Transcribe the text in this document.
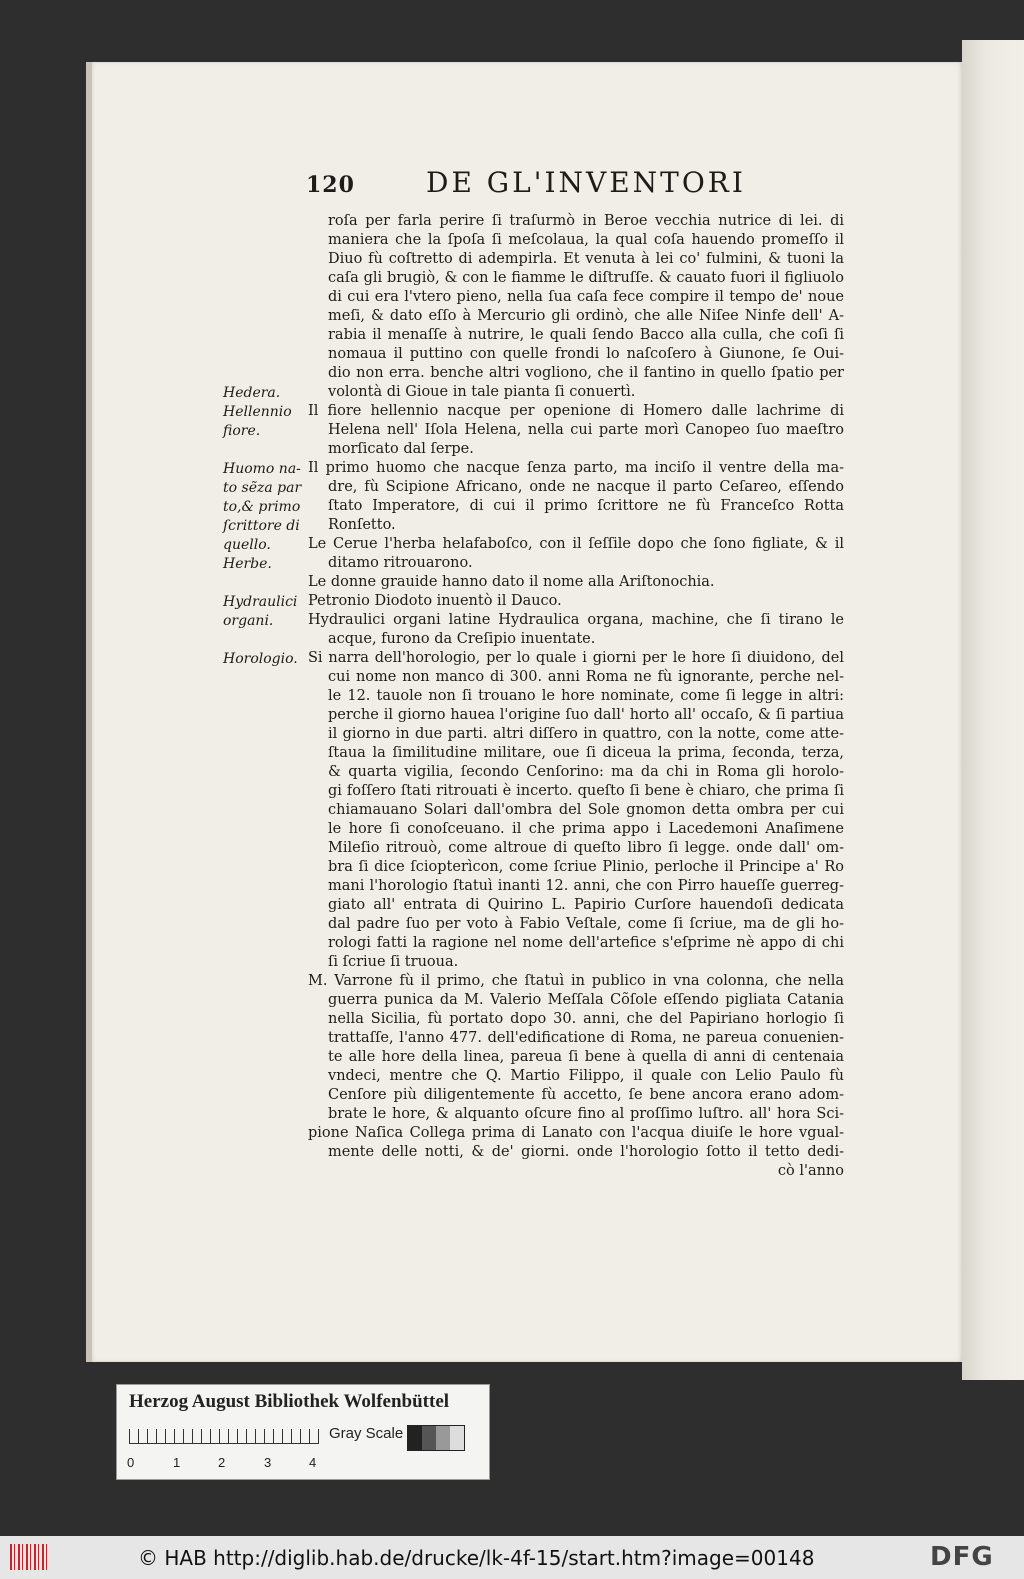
120	DE GL'INVENTORI
Hedera.
Hellennio
fiore.
Huomo na-
to sẽza par
to,& primo
ſcrittore di
quello.
Herbe.
Hydraulici
organi.
Horologio.
roſa per farla perire ſi traſurmò in Beroe vecchia nutrice di lei. di
maniera che la ſpoſa ſi meſcolaua, la qual coſa hauendo promeſſo il
Diuo fù coſtretto di adempirla. Et venuta à lei co' fulmini, & tuoni la
caſa gli brugiò, & con le fiamme le diſtruſſe. & cauato fuori il figliuolo
di cui era l'vtero pieno, nella ſua caſa fece compire il tempo de' noue
meſi, & dato eſſo à Mercurio gli ordinò, che alle Niſee Ninfe dell' A-
rabia il menaſſe à nutrire, le quali ſendo Bacco alla culla, che coſi ſi
nomaua il puttino con quelle frondi lo naſcoſero à Giunone, ſe Oui-
dio non erra. benche altri vogliono, che il fantino in quello ſpatio per
volontà di Gioue in tale pianta ſi conuertì.
Il fiore hellennio nacque per openione di Homero dalle lachrime di
Helena nell' Iſola Helena, nella cui parte morì Canopeo ſuo maeſtro
morſicato dal ſerpe.
Il primo huomo che nacque ſenza parto, ma inciſo il ventre della ma-
dre, fù Scipione Africano, onde ne nacque il parto Ceſareo, eſſendo
ſtato Imperatore, di cui il primo ſcrittore ne fù Franceſco Rotta
Ronſetto.
Le Cerue l'herba helafaboſco, con il ſeſſile dopo che ſono figliate, & il
ditamo ritrouarono.
Le donne grauide hanno dato il nome alla Ariſtonochia.
Petronio Diodoto inuentò il Dauco.
Hydraulici organi latine Hydraulica organa, machine, che ſi tirano le
acque, furono da Creſipio inuentate.
Si narra dell'horologio, per lo quale i giorni per le hore ſi diuidono, del
cui nome non manco di 300. anni Roma ne fù ignorante, perche nel-
le 12. tauole non ſi trouano le hore nominate, come ſi legge in altri:
perche il giorno hauea l'origine ſuo dall' horto all' occaſo, & ſi partiua
il giorno in due parti. altri diſſero in quattro, con la notte, come atte-
ſtaua la ſimilitudine militare, oue ſi diceua la prima, ſeconda, terza,
& quarta vigilia, ſecondo Cenſorino: ma da chi in Roma gli horolo-
gi foſſero ſtati ritrouati è incerto. queſto ſi bene è chiaro, che prima ſi
chiamauano Solari dall'ombra del Sole gnomon detta ombra per cui
le hore ſi conoſceuano. il che prima appo i Lacedemoni Anaſimene
Mileſio ritrouò, come altroue di queſto libro ſi legge. onde dall' om-
bra ſi dice ſciopterìcon, come ſcriue Plinio, perloche il Principe a' Ro
mani l'horologio ſtatuì inanti 12. anni, che con Pirro haueſſe guerreg-
giato all' entrata di Quirino L. Papirio Curſore hauendoſi dedicata
dal padre ſuo per voto à Fabio Veſtale, come ſi ſcriue, ma de gli ho-
rologi fatti la ragione nel nome dell'artefice s'eſprime nè appo di chi
ſi ſcriue ſi truoua.
M. Varrone fù il primo, che ſtatuì in publico in vna colonna, che nella
guerra punica da M. Valerio Meſſala Cõſole eſſendo pigliata Catania
nella Sicilia, fù portato dopo 30. anni, che del Papiriano horlogio ſi
trattaſſe, l'anno 477. dell'edificatione di Roma, ne pareua conuenien-
te alle hore della linea, pareua ſi bene à quella di anni di centenaia
vndeci, mentre che Q. Martio Filippo, il quale con Lelio Paulo fù
Cenſore più diligentemente fù accetto, ſe bene ancora erano adom-
brate le hore, & alquanto oſcure fino al proſſimo luſtro. all' hora Sci-
pione Naſica Collega prima di Lanato con l'acqua diuiſe le hore vgual-
mente delle notti, & de' giorni. onde l'horologio ſotto il tetto dedi-
cò l'anno
Herzog August Bibliothek Wolfenbüttel
0	1	2	3	4
Gray Scale
© HAB http://diglib.hab.de/drucke/lk-4f-15/start.htm?image=00148	DFG
